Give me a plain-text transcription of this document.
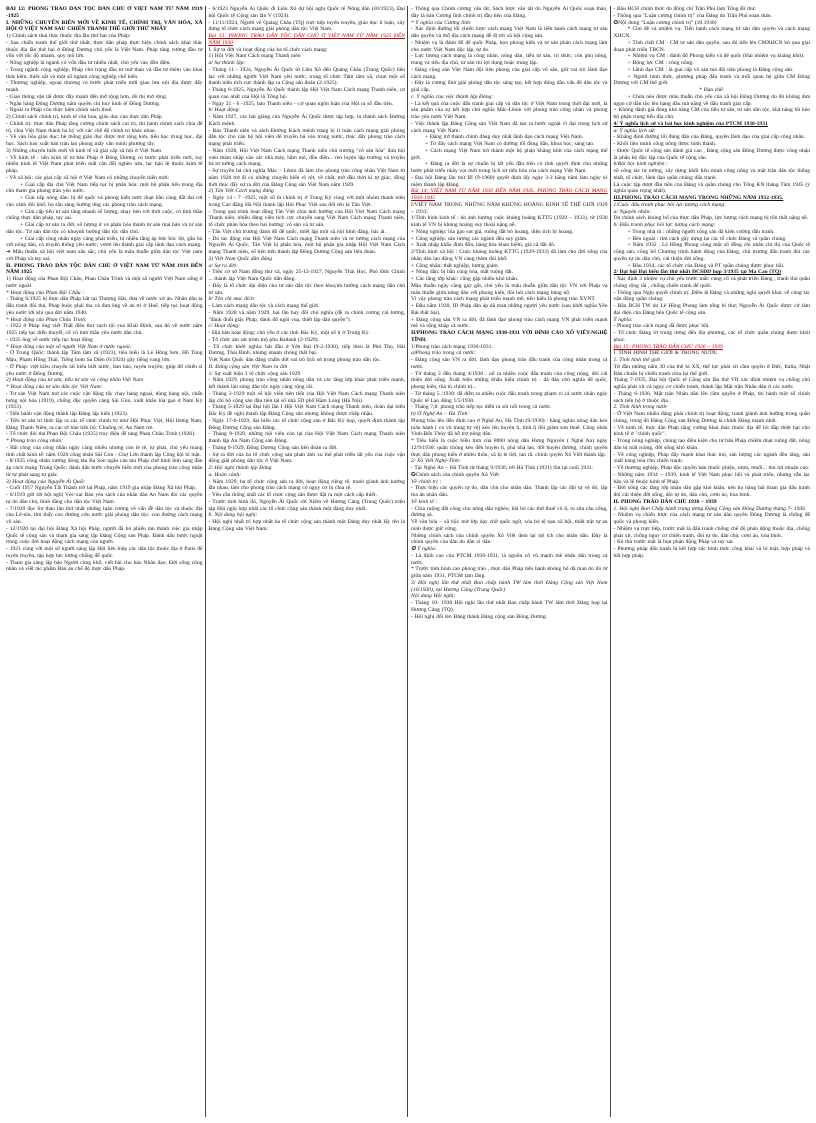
BÀI 12: PHONG TRÀO DÂN TỘC DÂN CHỦ Ở VIỆT NAM TỪ NĂM 1919 -1925

I. NHỮNG CHUYỂN BIẾN MỚI VỀ KINH TẾ, CHÍNH TRỊ, VĂN HÓA, XÃ HỘI Ở VIỆT NAM SAU CHIẾN TRANH THẾ GIỚI THỨ NHẤT

1) Chính sách thai thác thuộc địa lần thứ hai của Pháp:

- Sau chiến tranh thế giới thứ nhất, thực dân pháp thực hiện chính sách khai thác thuộc địa lần thứ hai ở Đông Dương chủ yếu là Việt Nam. Pháp tăng cường đầu tư vốn với tốc độ nhanh, quy mô lớn.

- Nông nghiệp là ngành có vốn đầu tư nhiều nhất, chủ yếu vào đồn điền.

- Trong ngành công nghiệp, Pháp chú trọng đầu tư mở than và đầu tư thêm vào khai thác kẽm, thiếc sắt và một số ngành công nghiệp chế biến.

- Thương nghiệp, ngoại thương có bước phát triển mới giao lưu nội địa được đẩy mạnh.

- Giao thông vận tải được đẩy mạnh đến mở rộng hơn, đô thị mở rộng.

- Ngân hàng Đông Dương nắm quyền chỉ huy kinh tế Đông Dương.

- Ngoài ra Pháp còn thực hiện chính sách thuế.

2) Chính sách chính trị, kinh tế văn hóa, giáo dục của thực dân Pháp

- Chính trị: thực dân Pháp tăng cường chính sách cai trị, thi hành chính sách chia để trị, chia Việt Nam thành ba kỳ với các chế độ chính trị khác nhau.

- Về văn hóa giáo dục: hệ thống giáo dục được mở rộng hơn, tiểu học trung học, đại học. Sách báo xuất bản tràn lan phong mấy văn minh phương tây.

3) Những chuyển biến mới về kinh tế và giai cấp xã hội ở Việt Nam

- Về kinh tế : nền kinh tế tư bản Pháp ở Đông Dương có bước phát triển mới, tuy nhiên kinh tế Việt Nam phát triển mất cân đối nghèo nàn, lạc hậu lệ thuộc kinh tế pháp.

- Về xã hội: các giai cấp xã hội ở Việt Nam có những chuyển biến mới:

+ Giai cấp địa chủ Việt Nam tiếp tục bị phân hóa: một bộ phận tiểu trung địa chủ tham gia phong trào yêu nước.

+ Giai cấp nông dân: bị đế quốc và phong kiến tước đoạt bần cùng đất đai rơi vào cảnh đói khổ; họ sẵn sàng hưởng ứng các phong trào cách mạng.

+ Giai cấp tiểu tư sản tăng nhanh số lượng, nhạy bén với thời cuộc, có tinh thần chống thực dân pháp, tay sai.

+ Giai cấp tư sản ra đời, số lượng ít và phân hóa thành tư sản mại bản và tư sản dân tộc. Tư sản dân tộc có khuynh hướng dân tộc dân chủ.

+ Giai cấp công nhân ngày càng phát triển, bị nhiều tầng áp bức bóc lột, gắn bó với nông dân, có truyền thống yêu nước; vươn lên thành giai cấp lãnh đạo cách mạng.

➔ Mâu thuẫn xã hội việt nam sâu sắc, chủ yếu là mâu thuẫn giữa dân tộc Việt nam với Pháp và tay sai.

II. PHONG TRÀO DÂN TỘC DÂN CHỦ Ở VIỆT NAM TỪ NĂM 1919 ĐẾN NĂM 1925

1) Hoạt động của Phan Bội Châu, Phan Châu Trinh và một số người Việt Nam sống ở nước ngoài

* Hoạt động của Phan Bội Châu :

- Tháng 6/1925 bị thực dân Pháp bắt tại Thượng Hải, đưa về nước xử án. Nhân dân ta đấu tranh đòi thả, Pháp buộc phải tha và đưa ông về an trí ở Huế, tiếp tục hoạt động yêu nước tới khi qua đời năm 1940.

* Hoạt động của Phan Châu Trinh:

- 1922 ở Pháp ông viết Thất điều thư vạch tội vua Khải Định, sau đó về nước năm 1925 tiếp tục diễn thuyết, cổ vũ tinh thần yêu nước dân chủ.

- 1925 ông về nước tiếp tục hoạt động

* Hoạt động của một số người Việt Nam ở nước ngoài:

- Ở Trung Quốc: thành lập Tâm tâm xã (1923), tiêu biểu là Lê Hồng Sơn, Hồ Tùng Mậu, Phạm Hồng Thái. Tiếng bom Sa Diện (6/1924) gây tiếng vang lớn.

- Ở Pháp: việt kiều chuyển tải hiểu biết nước, làm báo, tuyên truyền, giúp đỡ chiến sĩ yêu nước ở Đông Dương.

2) Hoạt động của tư sản, tiểu tư sản và công nhân Việt Nam

* Hoạt động của tư sản dân tộc Việt Nam:

- Tư sản Việt Nam mở các cuộc vận động tẩy chay hàng ngoại, dùng hàng nội, chấn hưng nội hóa (1919), chống độc quyền cảng Sài Gòn, xuất khẩu lúa gạo ở Nam Kỳ (1923).

- Tiến hành vận động thành lập Đảng lập hiến (1923).

- Tiểu tư sản trí thức lập ra các tổ chức chính trị như Hội Phục Việt, Hội Hưng Nam, Đảng Thanh Niên, ra các tờ báo tiến bộ: Chuông rè, An Nam trẻ.

- Tổ chức đòi thả Phan Bội Châu (1925) truy điệu để tang Phan Châu Trinh (1926).

* Phong trào công nhân:

- Bãi công của công nhân ngày càng nhiều nhưng còn lẻ tẻ, tự phát, chủ yếu mang tính chất kinh tế: năm 1920 công nhân Sài Gòn - Chợ Lớn thành lập Công hội bí mật.

- 8/1925 công nhân xưởng đóng tàu Ba Son ngăn cản tàu Pháp chở binh lính sang đàn áp cách mạng Trung Quốc; đánh dấu bước chuyển biến mới của phong trào công nhân từ tự phát sang tự giác.

3) Hoạt động của Nguyễn Ái Quốc

- Cuối 1917 Nguyễn Tất Thành trở lại Pháp, năm 1919 gia nhập Đảng Xã hội Pháp.

- 6/1919 gửi tới hội nghị Véc-xai Bản yêu sách của nhân dân An Nam đòi các quyền tự do dân chủ, bình đẳng cho dân tộc Việt Nam.

- 7/1920 đọc Sơ thảo lần thứ nhất những luận cương về vấn đề dân tộc và thuộc địa của Lê-nin, tìm thấy con đường cứu nước giải phóng dân tộc: con đường cách mạng vô sản.

- 12/1920 tại đại hội Đảng Xã hội Pháp, người đã bỏ phiếu tán thành việc gia nhập Quốc tế cộng sản và tham gia sáng lập Đảng Cộng sản Pháp. Đánh dấu bước ngoặt trong cuộc đời hoạt động cách mạng của người.

- 1921 cùng với một số người sáng lập Hội liên hiệp các dân tộc thuộc địa ở Paris để tuyên truyền, tập hợp lực lượng chống đế quốc.

- Tham gia sáng lập báo Người cùng khổ, viết bài cho báo Nhân đạo, Đời sống công nhân và viết tác phẩm Bản án chế độ thực dân Pháp.

- 6/1923 Nguyễn Ái Quốc đi Liên Xô dự hội nghị Quốc tế Nông dân (10/1923), Đại hội Quốc tế Cộng sản lần V (1924).

- 11/11/1924, Người về Quảng Châu (TQ) trực tiếp tuyên truyền, giáo dục lí luận, xây dựng tổ chức cách mạng giải phóng dân tộc Việt Nam.

Bài 13: PHONG TRÀO DÂN TỘC DÂN CHỦ Ở VIỆT NAM TỪ NĂM 1925 ĐẾN NĂM 1930

I. Sự ra đời và hoạt động của ba tổ chức cách mạng:

1) Hội Việt Nam Cách mạng Thanh niên

a/ Sự thành lập:

- Tháng 11 - 1924, Nguyễn Ái Quốc từ Liên Xô đến Quảng Châu (Trung Quốc) liên lạc với những người Việt Nam yêu nước, trong tổ chức Tâm tâm xã, chọn một số thanh niên tích cực thành lập ra Cộng sản đoàn (2-1925).

- Tháng 6-1925, Nguyễn Ái Quốc thành lập Hội Việt Nam Cách mạng Thanh niên, cơ quan cao nhất của Hội là Tổng bộ.

- Ngày 21 - 6 -1925, báo Thanh niên – cơ quan ngôn luận của Hội ra số đầu tiên.

b/ Hoạt động:

- Năm 1927, các bài giảng của Nguyễn Ái Quốc được tập hợp, in thành sách Đường Kách mệnh.

- Báo Thanh niên và sách Đường Kách mệnh trang bị lí luận cách mạng giải phóng dân tộc cho cán bộ hội viên để truyền bá vào trong nước, thúc đẩy phong trào cách mạng phát triển.

- Năm 1928, Hội Việt Nam Cách mạng Thanh niên chủ trương "vô sản hóa" đưa hội viên thâm nhập vào các nhà máy, hầm mỏ, đồn điền... rèn luyện lập trường và truyền bá tư tưởng cách mạng.

- Sự truyền bá chủ nghĩa Mác – Lênin đã làm cho phong trào công nhân Việt Nam từ năm 1928 trở đi có những chuyển biến rõ rệt, về chất, mở đầu thời kì tự giác, đồng thời thúc đẩy sự ra đời của Đảng Cộng sản Việt Nam năm 1929.

2) Tân Việt Cách mạng đảng

- Ngày 14 - 7 -1925, một số tù chính trị ở Trung Kỳ cùng với một nhóm thanh niên trong Cao đẳng Hà Nội thành lập Hội Phục Việt sau đổi tên là Tân Việt.

- Trong quá trình hoạt động Tân Việt chịu ảnh hưởng của Hội Việt Nam Cách mạng Thanh niên, nhiều đảng viên tích cực chuyển sang Việt Nam Cách mạng Thanh niên, tổ chức phân hóa theo hai hướng: vô sản và tư sản.

- Tân Việt chủ trương đánh đổ đế quốc, thiết lập một xã hội bình đẳng, bác ái.

- Do tác động của Hội Việt Nam Cách mạng Thanh niên và tư tưởng cách mạng của Nguyễn Ái Quốc, Tân Việt bị phân hóa, một bộ phận gia nhập Hội Việt Nam Cách mạng Thanh niên, số tiên tiến thành lập Đông Dương Cộng sản liên đoàn.

3) Việt Nam Quốc dân đảng

a/ Sự ra đời:

- Trên cơ sở Nam đồng thư xã, ngày 25-12-1927, Nguyễn Thái Học, Phó Đức Chính ... thành lập Việt Nam Quốc dân đảng.

- Đây là tổ chức đại diện cho tư sản dân tộc theo khuynh hướng cách mạng dân chủ tư sản.

b/ Tôn chỉ mục đích:

- Làm cách mạng dân tộc và cách mạng thế giới.

- Năm 1928 và năm 1929, hai lần hay đổi chủ nghĩa (đề ra chính cương cải lương, "đánh đuổi giặc Pháp, đánh đổ ngôi vua, thiết lập dân quyền").

c/ Hoạt động:

- Địa bàn hoạt động: chủ yếu ở các tỉnh Bắc Kỳ, một số ít ở Trung Kỳ.

- Tổ chức ám sát trùm mộ phu Badanh (2-1929).

- Tổ chức khởi nghĩa: bắt đầu ở Yên Bái (9-2-1930), tiếp theo là Phú Thọ, Hải Dương, Thái Bình, nhưng nhanh chóng thất bại.

Việt Nam Quốc dân đảng chấm dứt vai trò lịch sử trong phong trào dân tộc.

II. Đảng cộng sản Việt Nam ra đời

1/ Sự xuất hiện 3 tổ chức cộng sản 1929

- Năm 1929, phong trào công nhân nông dân và các tầng lớp khác phát triển mạnh, kết thành làn sóng dân tộc ngày càng rộng rãi.

- Tháng 3-1929 một số hội viên tiên tiến của Hội Việt Nam Cách mạng Thanh niên lập chi bộ cộng sản đầu tiên tại số nhà 5D phố Hàm Long (Hà Nội).

- Tháng 5-1929 tại Đại hội lần I Hội Việt Nam Cách mạng Thanh niên, đoàn đại biểu Bắc Kỳ đề nghị thành lập Đảng Cộng sản nhưng không được chấp nhận.

- Ngày 17-6-1929, đại biểu các tổ chức cộng sản ở Bắc Kỳ họp, quyết định thành lập Đông Dương Cộng sản Đảng.

- Tháng 8-1929, những hội viên còn lại của Hội Việt Nam Cách mạng Thanh niên thành lập An Nam Cộng sản Đảng.

- Tháng 9-1929, Đông Dương Cộng sản liên đoàn ra đời.

- Sự ra đời của ba tổ chức cộng sản phản ánh xu thế phát triển tất yếu của cuộc vận động giải phóng dân tộc ở Việt Nam.

2/ Hội nghị thành lập Đảng

a. Hoàn cảnh:

- Năm 1929, ba tổ chức cộng sản ra đời, hoạt động riêng rẽ, tranh giành ảnh hưởng lẫn nhau, làm cho phong trào cách mạng có nguy cơ bị chia rẽ.

- Yêu cầu thống nhất các tổ chức cộng sản được đặt ra một cách cấp thiết.

- Trước tình hình đó, Nguyễn Ái Quốc rời Xiêm về Hương Cảng (Trung Quốc) triệu tập Hội nghị hợp nhất các tổ chức cộng sản thành một đảng duy nhất.

b. Nội dung hội nghị:

- Hội nghị nhất trí hợp nhất ba tổ chức cộng sản thành một Đảng duy nhất lấy tên là Đảng Cộng sản Việt Nam.

- Thông qua Chính cương vắn tắt, Sách lược vắn tắt do Nguyễn Ái Quốc soạn thảo, đây là bản Cương lĩnh chính trị đầu tiên của Đảng.

* Ý nghĩa của Cương lĩnh:

- Xác định đường lối chiến lược cách mạng Việt Nam là tiến hành cách mạng tư sản dân quyền và thổ địa cách mạng để đi tới xã hội cộng sản.

- Nhiệm vụ là đánh đổ đế quốc Pháp, bọn phong kiến và tư sản phản cách mạng làm cho nước Việt Nam độc lập, tự do.

- Lực lượng cách mạng là công nhân, nông dân, tiểu tư sản, trí thức; còn phú nông, trung và tiểu địa chủ, tư sản thì lợi dụng hoặc trung lập.

- Đảng cộng sản Việt Nam đội tiên phong của giai cấp vô sản, giữ vai trò lãnh đạo cách mạng.

- Đây là cương lĩnh giải phóng dân tộc sáng tạo, kết hợp đúng đắn vấn đề dân tộc và giai cấp.

c. Ý nghĩa của việc thành lập Đảng:

- Là kết quả của cuộc đấu tranh giai cấp và dân tộc ở Việt Nam trong thời đại mới, là sản phẩm của sự kết hợp chủ nghĩa Mác-Lênin với phong trào công nhân và phong trào yêu nước Việt Nam.

- Việc thành lập Đảng Cộng sản Việt Nam đã tạo ra bước ngoặt vĩ đại trong lịch sử cách mạng Việt Nam:

+ Đảng trở thành chính đảng duy nhất lãnh đạo cách mạng Việt Nam.

+ Từ đây cách mạng Việt Nam có đường lối đúng đắn, khoa học, sáng tạo.

+ Cách mạng Việt Nam trở thành một bộ phận khăng khít của cách mạng thế giới.

+ Đảng ra đời là sự chuẩn bị tất yếu đầu tiên có tính quyết định cho những bước phát triển nhảy vọt mới trong lịch sử tiến hóa của cách mạng Việt Nam.

- Đại hội Đảng lần thứ III (9-1960) quyết định lấy ngày 3-2 hằng năm làm ngày kỉ niệm thành lập Đảng.

Bài 14: VIỆT NAM TỪ NĂM 1930 ĐẾN NĂM 1945. PHONG TRÀO CÁCH MẠNG 1930-1945

I/VIỆT NAM TRONG NHỮNG NĂM KHỦNG HOẢNG KINH TẾ THẾ GIỚI 1929 – 1933:

1/Tình hình kinh tế : do ảnh hưởng cuộc khủng hoảng KTTG (1929 – 1933), từ 1930 kinh tế VN bị khủng hoảng suy thoái nặng nề.

+ Nông nghiệp: lúa gạo sụt giá, ruộng đất bỏ hoang, diện tích bị hoang.

+ Công nghiệp: sản lượng các ngành đều suy giảm.

+ Xuất nhập khẩu đình đốn, hàng hóa khan hiếm, giá cả đắt đỏ.

2/Tình hình xã hội : Cuộc khủng hoảng KTTG (1929-1933) đã làm cho đời sống của nhân dân lao động VN càng thêm đói khổ:

+ Công nhân: thất nghiệp, lương giảm.

+ Nông dân: bị bần cùng hóa, mất ruộng đất.

+ Các tầng lớp khác: cũng gặp nhiều khó khăn.

Mâu thuẫn ngày càng gay gắt, chủ yếu là mâu thuẫn giữa dân tộc VN với Pháp và mâu thuẫn giữa nông dân với phong kiến, đòi hỏi cách mạng bùng nổ.

Vì vậy phong trào cách mạng phát triển mạnh mẽ, tiêu biểu là phong trào XVNT.

+ Đầu năm 1930, ID Pháp đàn áp dã man những người yêu nước (sau khởi nghĩa Yên Bái thất bại).

+ Đảng cộng sản VN ra đời, đã lãnh đạo phong trào cách mạng VN phát triển mạnh mẽ và rộng khắp cả nước.

II/PHONG TRÀO CÁCH MẠNG 1930-1931 VỚI ĐỈNH CAO XÔ VIẾT-NGHỆ TĨNH.

1/Phong trào cách mạng 1930-1931:

a)Phong trào trong cả nước:

- Đảng cộng sản VN ra đời, lãnh đạo phong trào đấu tranh của công nhân trong cả nước.

- Từ tháng 2 đến tháng 4/1930 : nổ ra nhiều cuộc đấu tranh của công nông, đòi cải thiện đời sống. Xuất hiện những khẩu hiệu chính trị : đả đảo chủ nghĩa đế quốc, phong kiến, thả tù chính trị...

- Từ tháng 5 /1930: đã diễn ra nhiều cuộc đấu tranh trong phạm vi cả nước nhân ngày Quốc tế Lao động 1/5/1930.

- Tháng 7,8: phong trào tiếp tục diễn ra sôi nổi trong cả nước.

b) Ở Nghệ An – Hà Tĩnh:

Phong trào lên đến đỉnh cao ở Nghệ An, Hà Tĩnh (9/1930) : hàng nghìn nông dân kéo tuần hành ( có vũ trang tự vệ) kéo lên huyện lị, tỉnh lị đòi giảm sưu thuế. Công nhân Vinh-Bến Thủy đã hỗ trợ nông dân.

* Tiêu biểu là cuộc biểu tình của 8000 nông dân Hưng Nguyên ( Nghệ An) ngày 12/9/1930: quân chúng kéo đến huyện lị, phá nhà lao, đốt huyện đường, chính quyền thực dân phong kiến ở nhiều thôn, xã bị tê liệt, tan rã: chính quyền Xô Viết thành lập.

2/ Xô Viết Nghệ-Tĩnh:

- Tại Nghệ An – Hà Tĩnh từ tháng 9/1930; tới Hà Tĩnh (1931) tồn tại cuối 1931.

✪Chính sách của chính quyền Xô Viết:

Về chính trị :

- Thực hiện các quyền tự do, dân chủ cho nhân dân. Thành lập các đội tự vệ đỏ, lập tòa án nhân dân.

Về kinh tế :

- Chia ruộng đất công cho nông dân nghèo, bãi bỏ các thứ thuế vô lí, tu sửa cầu cống, đường sá.

Về văn hóa – xã hội: mở lớp dạy chữ quốc ngữ, xóa bỏ tệ nạn xã hội, thiết trật tự an ninh được giữ vững.

Những chính sách của chính quyền Xô Viết đem lại lợi ích cho nhân dân. Đây là chính quyền của dân do dân vì dân.

✪ Ý nghĩa:

- Là đỉnh cao của PTCM 1930-1931, là nguồn cổ vũ mạnh mẽ nhân dân trong cả nước.

* Trước tình hình cao phong trào , thực dân Pháp tiến hành khủng bố dã man do đó từ giữa năm 1931, PTCM tạm lắng.

3/ Hội nghị lần thứ nhất Ban chấp hành TW lâm thời Đảng Cộng sản Việt Nam (10/1930), tại Hương Cảng (Trung Quốc)

Nội dung Hội nghị:

- Tháng 10- 1930 Hội nghị lần thứ nhất Ban chấp hành TW lâm thời Đảng họp tại Hương Cảng (TQ).

- Hội nghị đổi tên Đảng thành Đảng cộng sản Đông Dương.

- Bầu BCH chính thức do đồng chí Trần Phú làm Tổng Bí thư.

- Thông qua "Luận cương chính trị" của Đảng do Trần Phú soạn thảo.

✪Nội dung "Luận cương chính trị" (10.1930)

* Chủ đề và nhiệm vụ: Tiến hành cách mạng tư sản dân quyền và cách mạng XHCN.

+ Tính chất CM : CM tư sản dân quyền, sau đó tiến lên CMXHCN bỏ qua giai đoạn phát triển TBCN.

+ Nhiệm vụ CM : đánh đổ Phong kiến và đế quốc (Hai nhiệm vụ khăng khít).

+ Động lực CM : công nông.

+ Lãnh đạo CM : là giai cấp vô sản mà đội tiên phong là Đảng cộng sản.

+ Người hình thức, phương pháp đấu tranh và mối quan hệ giữa CM Đông Dương với CM thế giới.

* Hạn chế:

+ Chưa nêu được mâu thuẫn chủ yếu của xã hội Đông Dương do đó không đưa ngọn cờ dân tộc lên hàng đầu mà nặng về đấu tranh giai cấp.

+ Không đánh giá đúng khả năng CM của tiểu tư sản, tư sản dân tộc, khả năng lôi kéo bộ phận trung tiểu địa chủ.

4/ Ý nghĩa lịch sử và bài học kinh nghiệm của PTCM 1930-1931

a/ Ý nghĩa lịch sử:

- Khẳng định đường lối đúng đắn của Đảng, quyền lãnh đạo của giai cấp công nhân.

- Khối liên minh công nông được hình thành.

- Được Quốc tế cộng sản đánh giá cao , Đảng cộng sản Đông Dương được công nhận là phân bộ độc lập của Quốc tế cộng sản.

b/Bài học kinh nghiệm :

về công tác tư tưởng, xây dựng khối liên minh công nông và mặt trận dân tộc thống nhất, tổ chức, lãnh đạo quần chúng đấu tranh.

Là cuộc tập dượt đầu tiên của Đảng và quần chúng cho Tổng KN tháng Tám 1945 (ý nghĩa quan trọng nhất).

III.PHONG TRÀO CÁCH MẠNG TRONG NHỮNG NĂM 1932-1935.

1/Cuộc đấu tranh phục hồi lực lượng cách mạng:

a/ Nguyên nhân:

Do chính sách khủng bố của thực dân Pháp, lực lượng cách mạng bị tổn thất nặng nề.

b/ Đấu tranh phục hồi lực lượng cách mạng:

+ Trong nhà tù : những người cộng sản đã kiên cường đấu tranh.

+ Bên ngoài : tìm cách gây dựng lại các tổ chức Đảng và quần chúng.

+ Năm 1932 , Lê Hồng Phong cùng một số đồng chí nhân chỉ thị của Quốc tế cộng sản, công bố Chương trình hành động của Đảng, chủ trương đấu tranh đòi các quyền tự do dân chủ, cải thiện đời sống.

+ Đầu 1934, các tổ chức của Đảng và PT quần chúng được phục hồi.

2/ Đại hội Đại biểu lần thứ nhất ĐCSĐD họp 3/1935 tại Ma Cao (TQ)

- Xác định 3 nhiệm vụ chủ yếu trước mắt: củng cố và phát triển Đảng , tranh thủ quần chúng rộng rãi , chống chiến tranh đế quốc.

- Thông qua Nghị quyết chính trị ,Điều lệ Đảng và những nghị quyết khác về công tác vận động quần chúng.

- Bầu BCH TW do Lê Hồng Phong làm tổng bí thư; Nguyễn Ái Quốc được cử làm đại diện của Đảng bên Quốc tế cộng sản.

Ý nghĩa:

- Phong trào cách mạng đã được phục hồi.

- Tổ chức Đảng từ trung ương đến địa phương, các tổ chức quần chúng được khôi phục.

Bài 15: PHONG TRÀO DÂN CHỦ 1936 – 1939

I. TÌNH HÌNH THẾ GIỚI & TRONG NƯỚC

1. Tình hình thế giới

Từ đầu những năm 30 của thế kỉ XX, thế lực phát xít cầm quyền ở Đức, Italia, Nhật Bản chuẩn bị chiến tranh chia lại thế giới.

Tháng 7-1935, Đại hội Quốc tế Cộng sản lần thứ VII xác định nhiệm vụ chống chủ nghĩa phát xít và nguy cơ chiến tranh, thành lập Mặt trận Nhân dân ở các nước.

- Tháng 6-1936, Mặt trận Nhân dân lên cầm quyền ở Pháp, thi hành một số chính sách tiến bộ ở thuộc địa.

2. Tình hình trong nước

- Ở Việt Nam nhiều đảng phái chính trị hoạt động, tranh giành ảnh hưởng trong quần chúng, trong đó Đảng Cộng sản Đông Dương là chính Đảng mạnh nhất.

- Về kinh tế, thực dân Pháp tăng cường khai thác thuộc địa để bù đắp thiệt hại cho kinh tế ở "chính quốc".

- Trong nông nghiệp, chúng tạo điều kiện cho tư bản Pháp chiếm đoạt ruộng đất, nông dân bị mất ruộng, đời sống khó khăn.

- Về công nghiệp, Pháp đẩy mạnh khai thác mỏ, sản lượng các ngành đều tăng, sản xuất hàng hóa cho chiến tranh.

- Về thương nghiệp, Pháp độc quyền bán thuốc phiện, rượu, muối... thu lợi nhuận cao.

- Những năm 1934 – 1939, kinh tế Việt Nam phục hồi và phát triển, nhưng vẫn lạc hậu và lệ thuộc kinh tế Pháp.

- Đời sống các tầng lớp nhân dân gặp khó khăn, nên họ hăng hái tham gia đấu tranh đòi cải thiện đời sống, đòi tự do, dân chủ, cơm áo, hòa bình.

II. PHONG TRÀO DÂN CHỦ 1936 – 1939

1. Hội nghị Ban Chấp hành trung ương Đảng Cộng sản Đông Dương tháng 7- 1936

- Nhiệm vụ chiến lược của cách mạng tư sản dân quyền Đông Dương là chống đế quốc và phong kiến.

- Nhiệm vụ trực tiếp, trước mắt là đấu tranh chống chế độ phản động thuộc địa, chống phát xít, chống nguy cơ chiến tranh, đòi tự do, dân chủ, cơm áo, hòa bình.

- Kẻ thù trước mắt là bọn phản động Pháp và tay sai.

- Phương pháp đấu tranh là kết hợp các hình thức công khai và bí mật, hợp pháp và bất hợp pháp.
